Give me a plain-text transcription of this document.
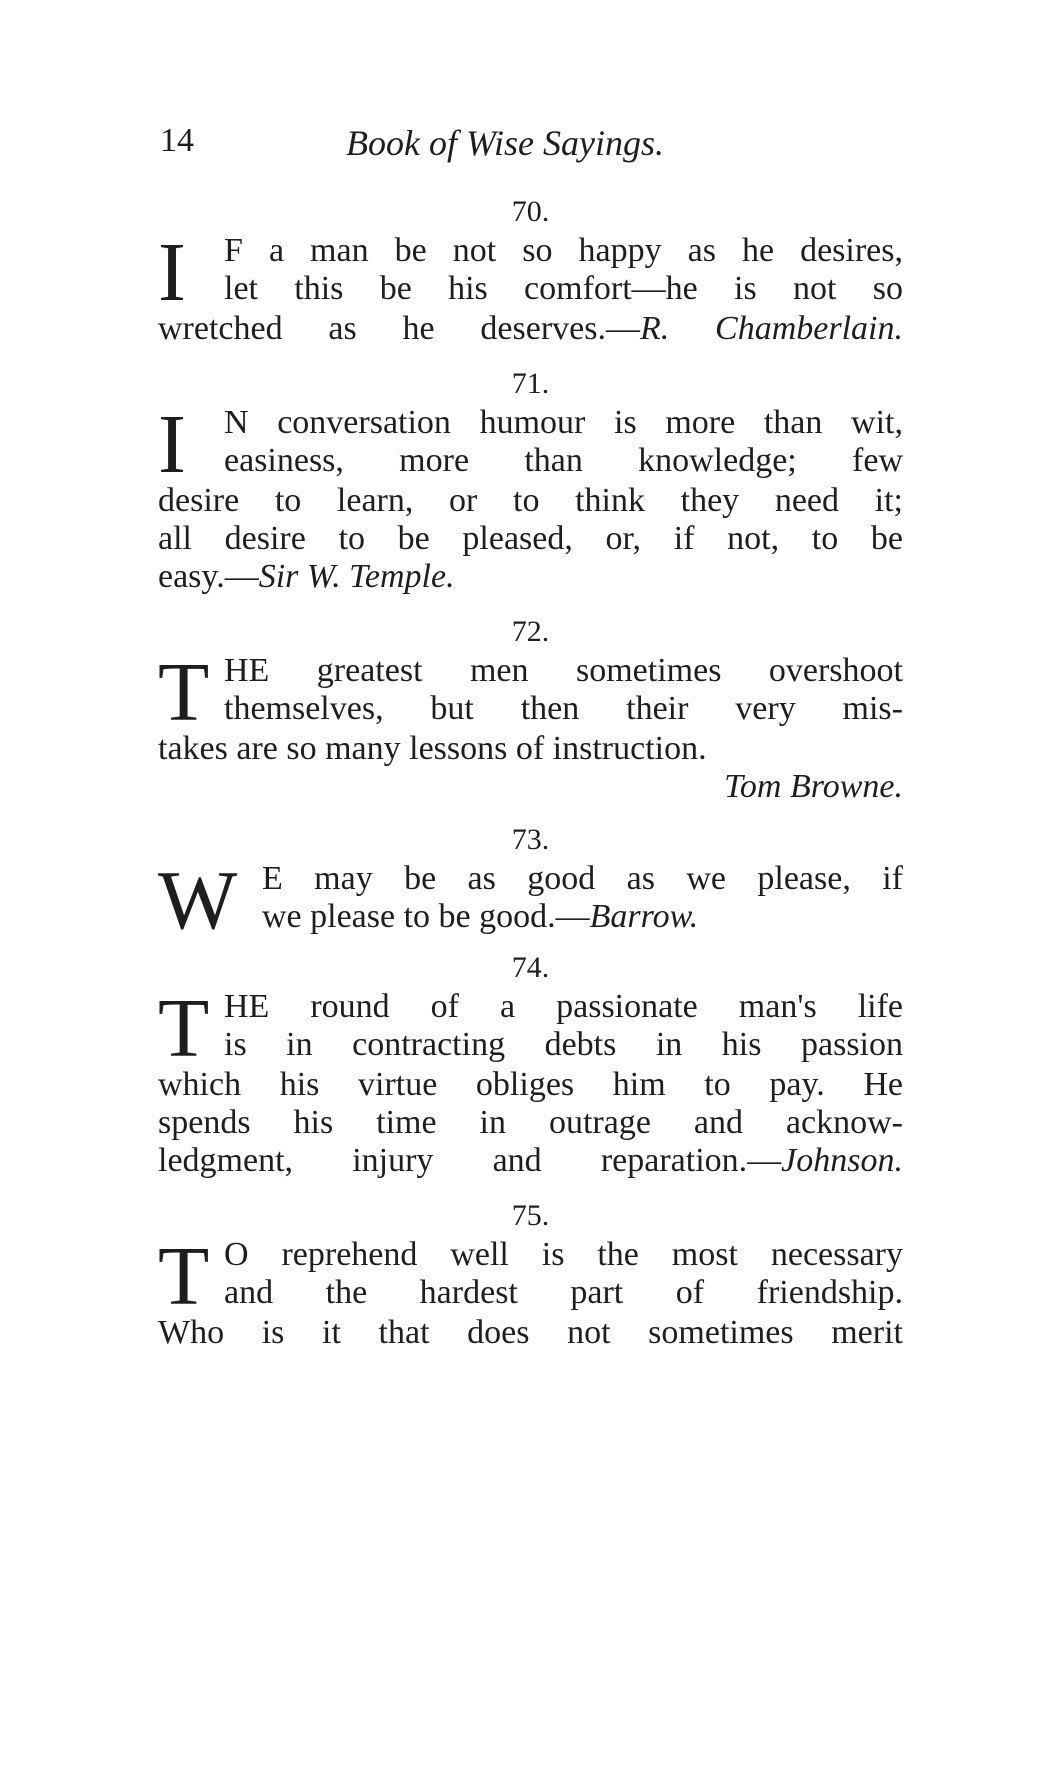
14	Book of Wise Sayings.
70.
I	F a man be not so happy as he desires,
let this be his comfort—he is not so
wretched as he deserves.—R. Chamberlain.
71.
I	N conversation humour is more than wit,
easiness, more than knowledge; few
desire to learn, or to think they need it;
all desire to be pleased, or, if not, to be
easy.—Sir W. Temple.
72.
T HE greatest men sometimes overshoot
themselves, but then their very mis-
takes are so many lessons of instruction.
Tom Browne.
73.
W E may be as good as we please, if
we please to be good.—Barrow.
74.
T HE round of a passionate man's life
is in contracting debts in his passion
which his virtue obliges him to pay. He
spends his time in outrage and acknow-
ledgment, injury and reparation.—Johnson.
75.
T O reprehend well is the most necessary
and the hardest part of friendship.
Who is it that does not sometimes merit
